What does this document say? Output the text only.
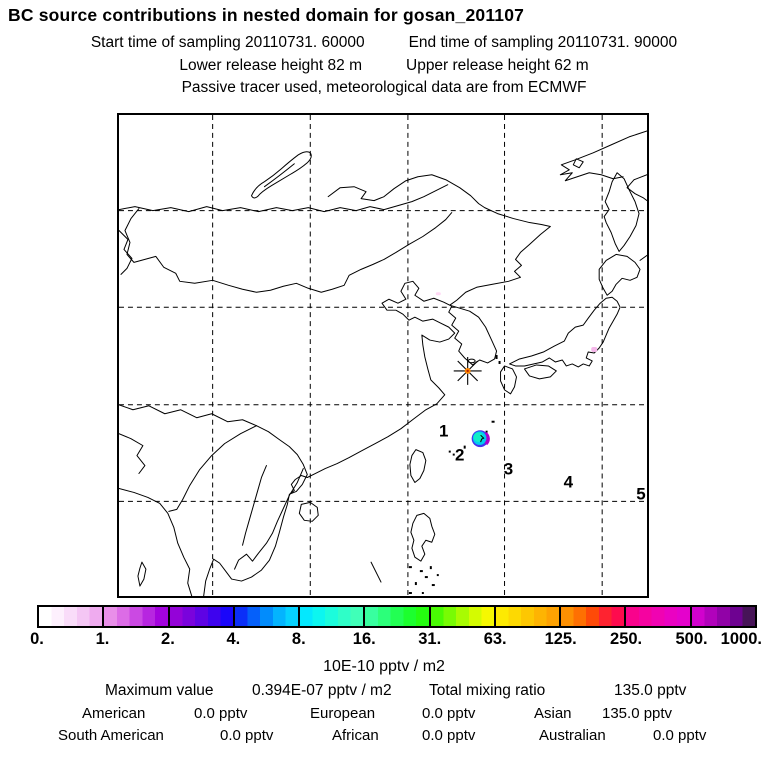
BC source contributions in nested domain for gosan_201107
Start time of sampling 20110731. 60000	End time of sampling 20110731. 90000
Lower release height 82 m	Upper release height 62 m
Passive tracer used, meteorological data are from ECMWF
1
2
3
4
5
0.	1.	2.	4.	8.	16.	31.	63. 125. 250. 500. 1000.
10E-10 pptv / m2
Maximum value 0.394E-07 pptv / m2 Total mixing ratio	135.0 pptv
American	0.0 pptv	European	0.0 pptv	Asian 135.0 pptv
South American	0.0 pptv	African	0.0 pptv	Australian	0.0 pptv
